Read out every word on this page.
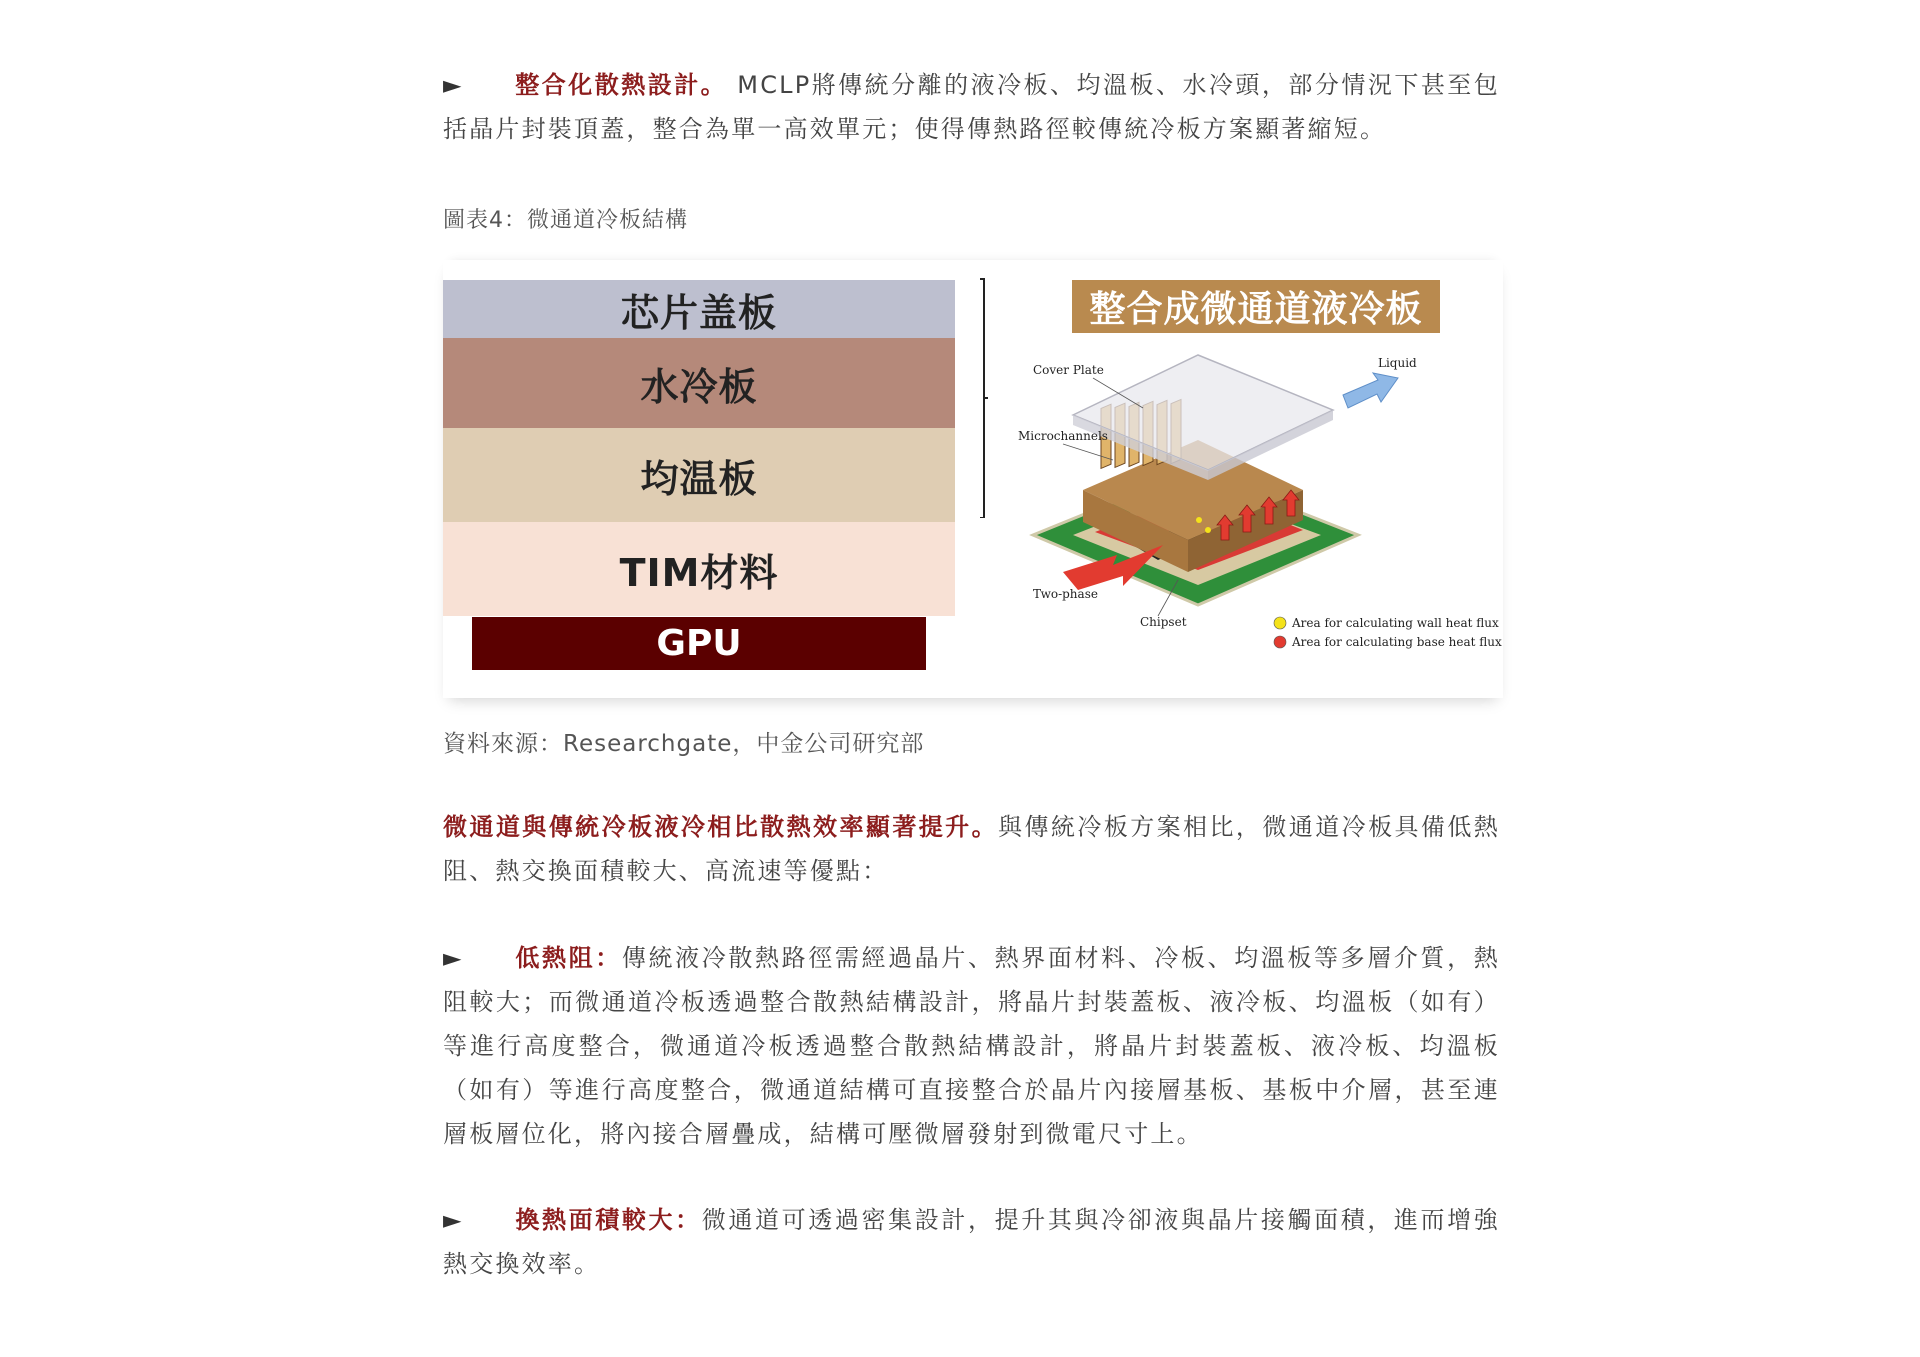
► 整合化散熱設計。 MCLP將傳統分離的液冷板、均溫板、水冷頭，部分情況下甚至包括晶片封裝頂蓋，整合為單一高效單元；使得傳熱路徑較傳統冷板方案顯著縮短。

圖表4：微通道冷板結構

芯片盖板
水冷板
均温板
TIM材料
GPU
整合成微通道液冷板
Cover Plate	Liquid
Microchannels
Two-phase
Chipset	Area for calculating wall heat flux
Area for calculating base heat flux

資料來源：Researchgate，中金公司研究部

微通道與傳統冷板液冷相比散熱效率顯著提升。與傳統冷板方案相比，微通道冷板具備低熱阻、熱交換面積較大、高流速等優點：

► 低熱阻：傳統液冷散熱路徑需經過晶片、熱界面材料、冷板、均溫板等多層介質，熱阻較大；而微通道冷板透過整合散熱結構設計，將晶片封裝蓋板、液冷板、均溫板（如有）等進行高度整合，微通道冷板透過整合散熱結構設計，將晶片封裝蓋板、液冷板、均溫板（如有）等進行高度整合，微通道結構可直接整合於晶片內接層基板、基板中介層，甚至連層板層位化，將內接合層疊成，結構可壓微層發射到微電尺寸上。

► 換熱面積較大：微通道可透過密集設計，提升其與冷卻液與晶片接觸面積，進而增強熱交換效率。
